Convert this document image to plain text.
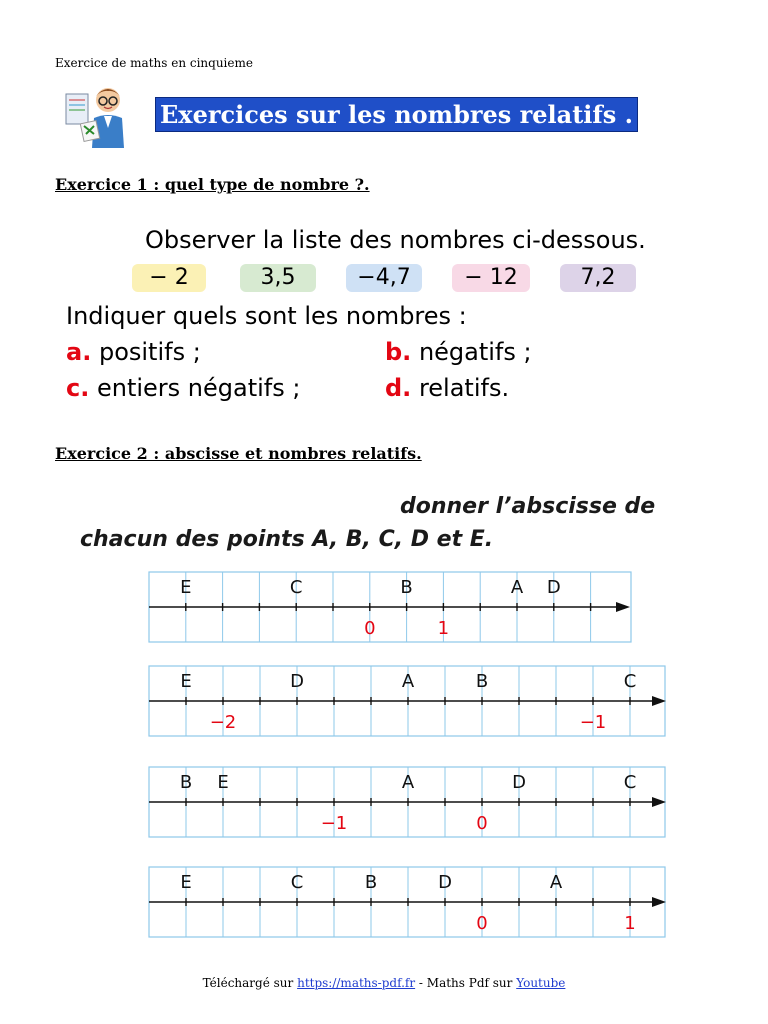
Exercice de maths en cinquieme
Exercices sur les nombres relatifs .
Exercice 1 : quel type de nombre ?.
Observer la liste des nombres ci-dessous.
− 2	3,5	−4,7	− 12	7,2
Indiquer quels sont les nombres :
a. positifs ;	b. négatifs ;
c. entiers négatifs ;	d. relatifs.
Exercice 2 : abscisse et nombres relatifs.
donner l’abscisse de
chacun des points A, B, C, D et E.
E	C	B	A D
0	1
E	D	A	B	C
−2	−1
B E	A	D	C
−1	0
E	C	B	D	A
0	1
Téléchargé sur https://maths-pdf.fr - Maths Pdf sur Youtube
